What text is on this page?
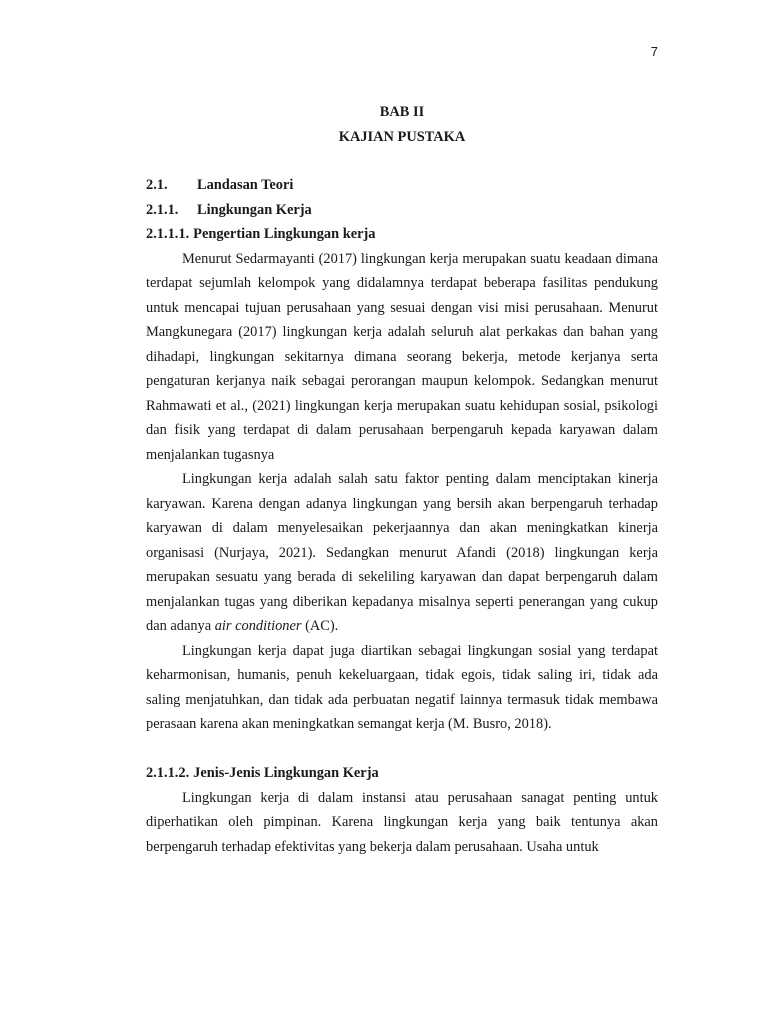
7
BAB II
KAJIAN PUSTAKA
2.1.	Landasan Teori
2.1.1.	Lingkungan Kerja
2.1.1.1. Pengertian Lingkungan kerja

Menurut Sedarmayanti (2017) lingkungan kerja merupakan suatu keadaan dimana terdapat sejumlah kelompok yang didalamnya terdapat beberapa fasilitas pendukung untuk mencapai tujuan perusahaan yang sesuai dengan visi misi perusahaan. Menurut Mangkunegara (2017) lingkungan kerja adalah seluruh alat perkakas dan bahan yang dihadapi, lingkungan sekitarnya dimana seorang bekerja, metode kerjanya serta pengaturan kerjanya naik sebagai perorangan maupun kelompok. Sedangkan menurut Rahmawati et al., (2021) lingkungan kerja merupakan suatu kehidupan sosial, psikologi dan fisik yang terdapat di dalam perusahaan berpengaruh kepada karyawan dalam menjalankan tugasnya

Lingkungan kerja adalah salah satu faktor penting dalam menciptakan kinerja karyawan. Karena dengan adanya lingkungan yang bersih akan berpengaruh terhadap karyawan di dalam menyelesaikan pekerjaannya dan akan meningkatkan kinerja organisasi (Nurjaya, 2021). Sedangkan menurut Afandi (2018) lingkungan kerja merupakan sesuatu yang berada di sekeliling karyawan dan dapat berpengaruh dalam menjalankan tugas yang diberikan kepadanya misalnya seperti penerangan yang cukup dan adanya air conditioner (AC).

Lingkungan kerja dapat juga diartikan sebagai lingkungan sosial yang terdapat keharmonisan, humanis, penuh kekeluargaan, tidak egois, tidak saling iri, tidak ada saling menjatuhkan, dan tidak ada perbuatan negatif lainnya termasuk tidak membawa perasaan karena akan meningkatkan semangat kerja (M. Busro, 2018).

2.1.1.2. Jenis-Jenis Lingkungan Kerja

Lingkungan kerja di dalam instansi atau perusahaan sanagat penting untuk diperhatikan oleh pimpinan. Karena lingkungan kerja yang baik tentunya akan berpengaruh terhadap efektivitas yang bekerja dalam perusahaan. Usaha untuk
